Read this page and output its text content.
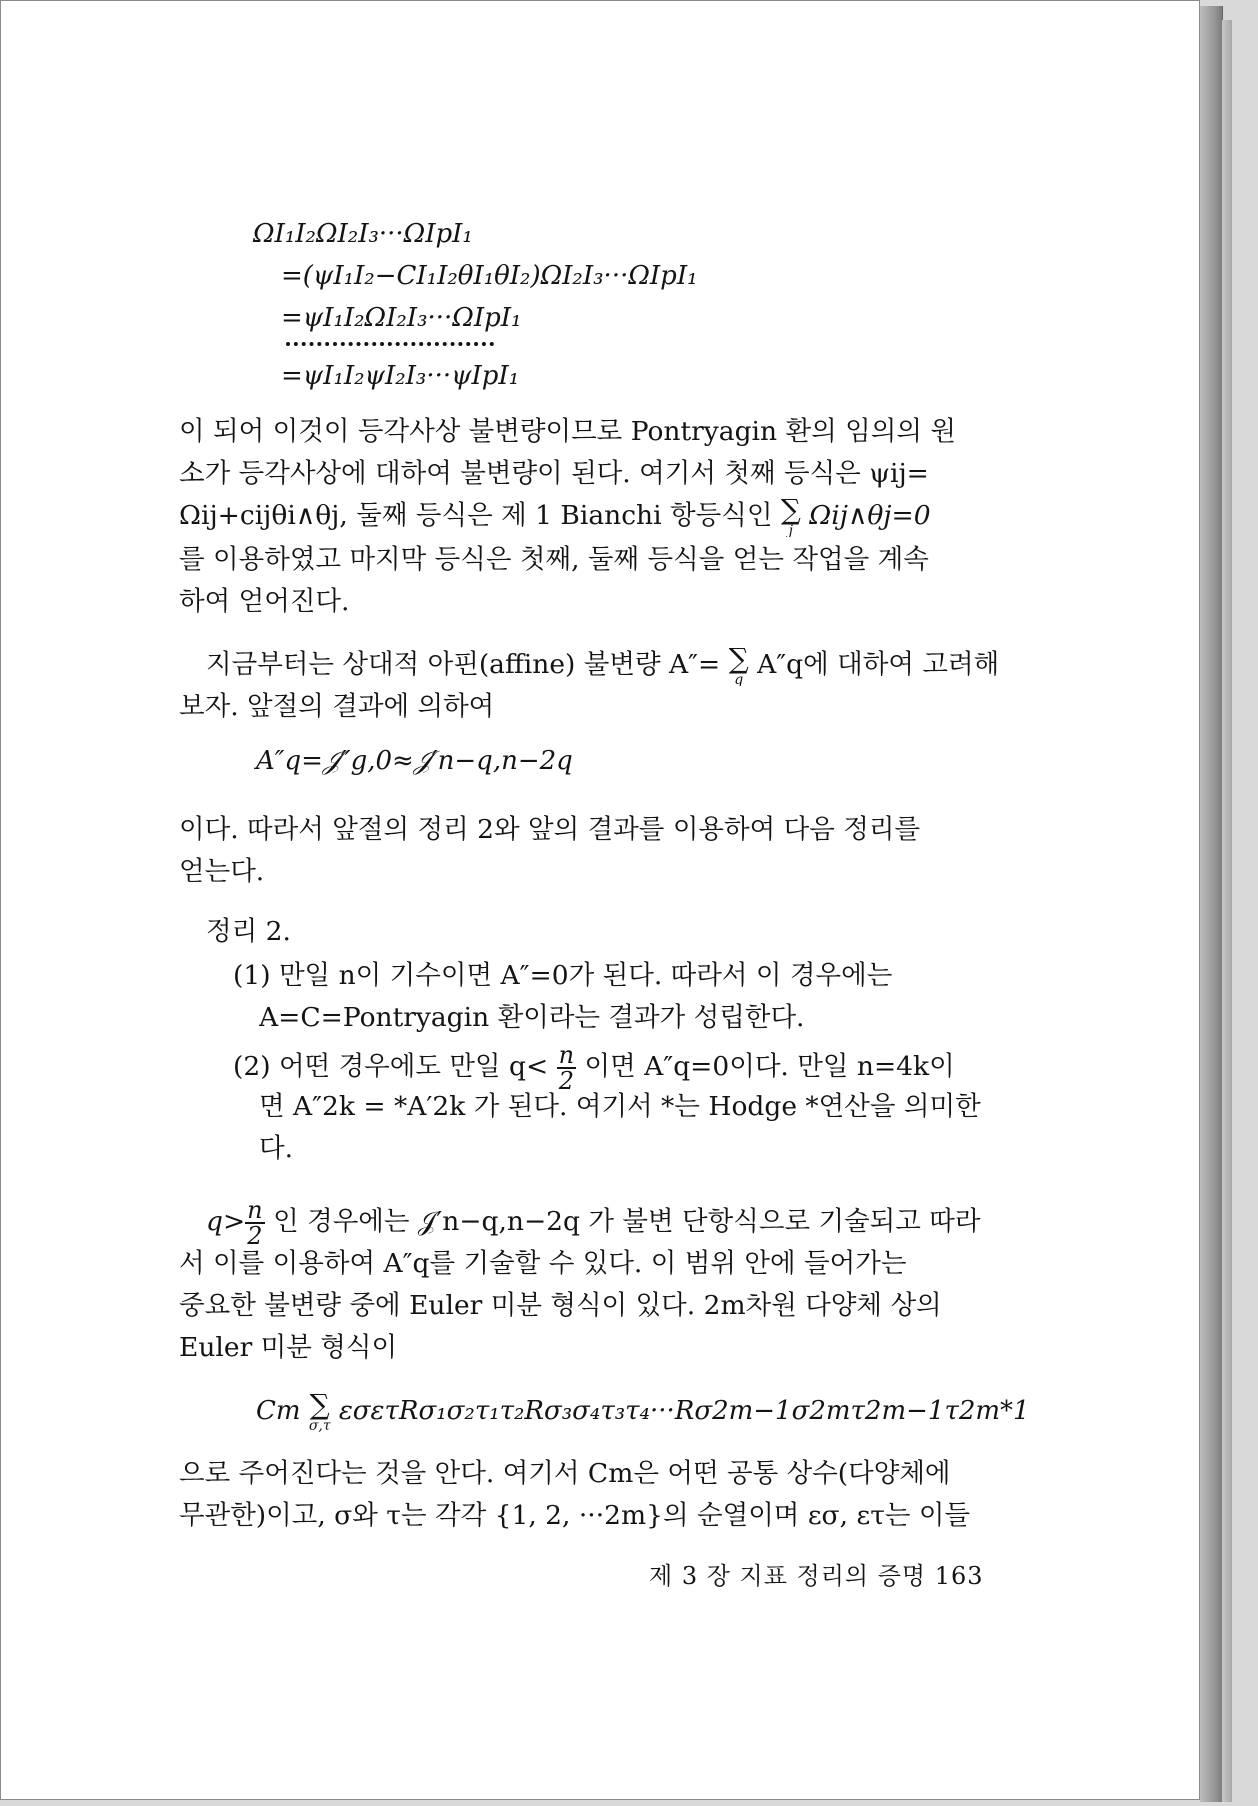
ΩI₁I₂ΩI₂I₃···ΩIpI₁
=(ψI₁I₂−CI₁I₂θI₁θI₂)ΩI₂I₃···ΩIpI₁
=ψI₁I₂ΩI₂I₃···ΩIpI₁
=ψI₁I₂ψI₂I₃···ψIpI₁
이 되어 이것이 등각사상 불변량이므로 Pontryagin 환의 임의의 원
소가 등각사상에 대하여 불변량이 된다. 여기서 첫째 등식은 ψij=
Ωij+cijθi∧θj, 둘째 등식은 제 1 Bianchi 항등식인 ∑
j Ωij∧θj=0
를 이용하였고 마지막 등식은 첫째, 둘째 등식을 얻는 작업을 계속
하여 얻어진다.
지금부터는 상대적 아핀(affine) 불변량 A″= ∑
q A″q에 대하여 고려해
보자. 앞절의 결과에 의하여
A″q=𝒥″g,0≈𝒥′n−q,n−2q
이다. 따라서 앞절의 정리 2와 앞의 결과를 이용하여 다음 정리를
얻는다.
정리 2.
(1) 만일 n이 기수이면 A″=0가 된다. 따라서 이 경우에는
A=C=Pontryagin 환이라는 결과가 성립한다.
(2) 어떤 경우에도 만일 $q< \frac{n}{2}$ 이면 A″q=0이다. 만일 n=4k이
면 A″2k = *A′2k 가 된다. 여기서 *는 Hodge *연산을 의미한
다.
$q> \frac{n}{2}$ 인 경우에는 𝒥′n−q,n−2q 가 불변 단항식으로 기술되고 따라
서 이를 이용하여 A″q를 기술할 수 있다. 이 범위 안에 들어가는
중요한 불변량 중에 Euler 미분 형식이 있다. 2m차원 다양체 상의
Euler 미분 형식이
Cm ∑
σ,τ εσετRσ₁σ₂τ₁τ₂Rσ₃σ₄τ₃τ₄···Rσ2m−1σ2mτ2m−1τ2m*1
으로 주어진다는 것을 안다. 여기서 Cm은 어떤 공통 상수(다양체에
무관한)이고, σ와 τ는 각각 {1, 2, ···2m}의 순열이며 εσ, ετ는 이들
제 3 장 지표 정리의 증명 163
